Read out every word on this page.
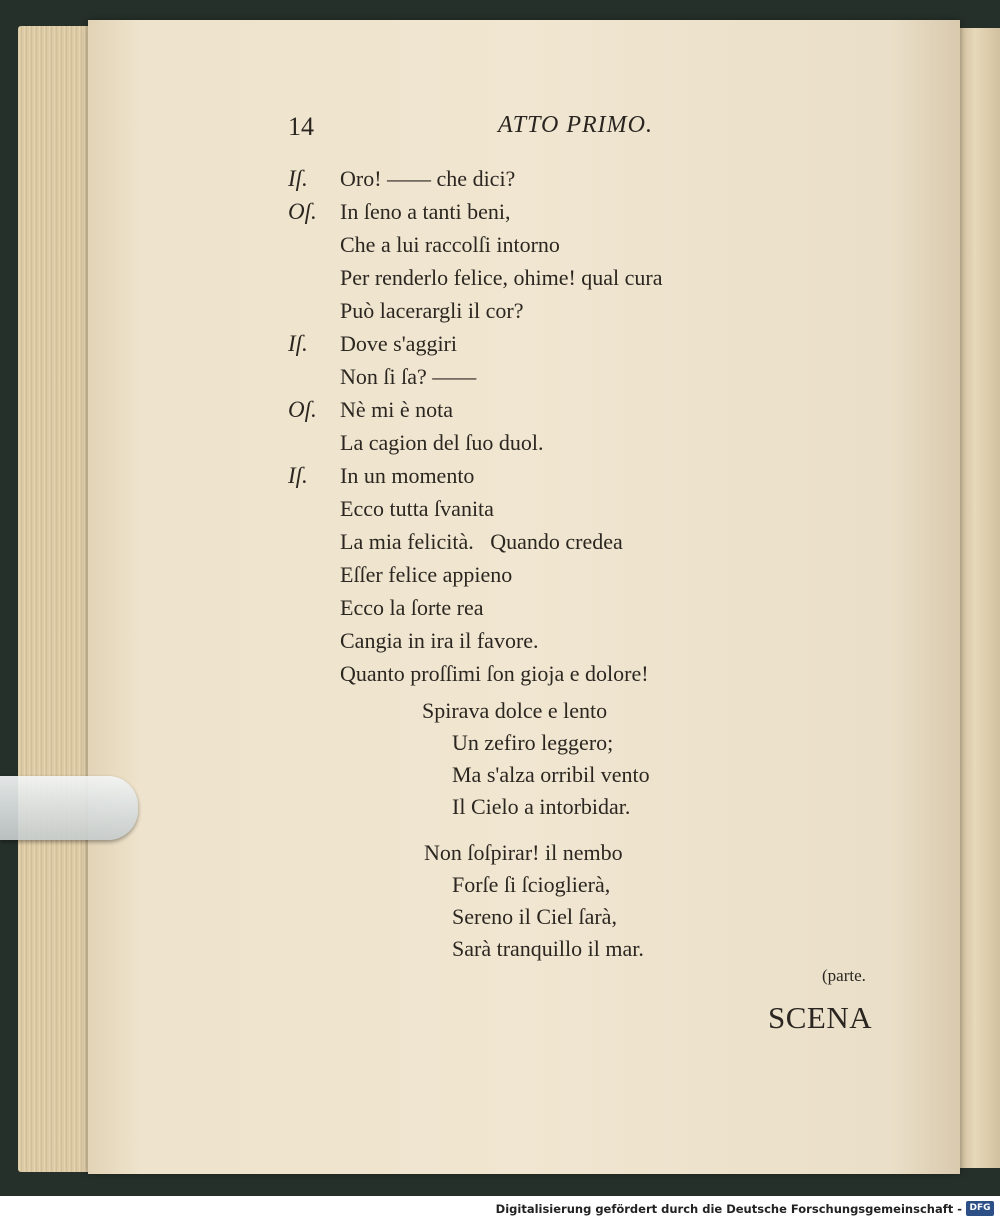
14	ATTO PRIMO.
Iſ. Oro! —— che dici?
Oſ. In ſeno a tanti beni,
Che a lui raccolſi intorno
Per renderlo felice, ohime! qual cura
Può lacerargli il cor?
Iſ. Dove s'aggiri
Non ſi ſa? ——
Oſ. Nè mi è nota
La cagion del ſuo duol.
Iſ. In un momento
Ecco tutta ſvanita
La mia felicità.   Quando credea
Eſſer felice appieno
Ecco la ſorte rea
Cangia in ira il favore.
Quanto proſſimi ſon gioja e dolore!
Spirava dolce e lento
Un zefiro leggero;
Ma s'alza orribil vento
Il Cielo a intorbidar.
Non ſoſpirar! il nembo
Forſe ſi ſcioglierà,
Sereno il Ciel ſarà,
Sarà tranquillo il mar.
(parte.
SCENA
Digitalisierung gefördert durch die Deutsche Forschungsgemeinschaft - DFG
